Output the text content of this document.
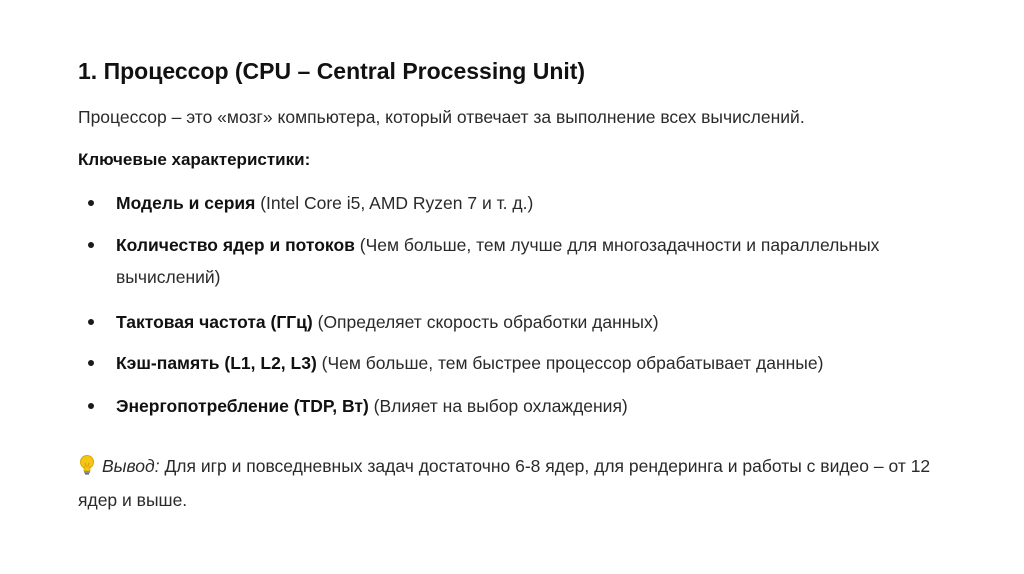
1. Процессор (CPU – Central Processing Unit)
Процессор – это «мозг» компьютера, который отвечает за выполнение всех вычислений.
Ключевые характеристики:
Модель и серия (Intel Core i5, AMD Ryzen 7 и т. д.)
Количество ядер и потоков (Чем больше, тем лучше для многозадачности и параллельных вычислений)
Тактовая частота (ГГц) (Определяет скорость обработки данных)
Кэш-память (L1, L2, L3) (Чем больше, тем быстрее процессор обрабатывает данные)
Энергопотребление (TDP, Вт) (Влияет на выбор охлаждения)
Вывод: Для игр и повседневных задач достаточно 6-8 ядер, для рендеринга и работы с видео – от 12 ядер и выше.
